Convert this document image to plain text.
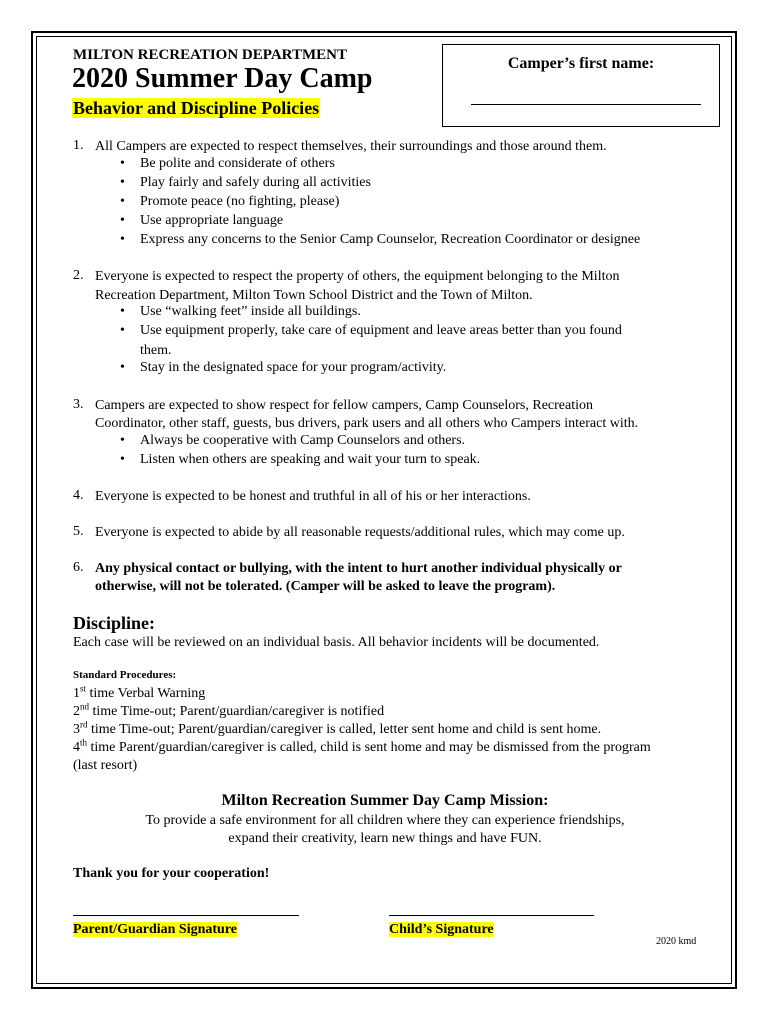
MILTON RECREATION DEPARTMENT
2020 Summer Day Camp
Behavior and Discipline Policies
Camper’s first name:
1. All Campers are expected to respect themselves, their surroundings and those around them.
• Be polite and considerate of others
• Play fairly and safely during all activities
• Promote peace (no fighting, please)
• Use appropriate language
• Express any concerns to the Senior Camp Counselor, Recreation Coordinator or designee
2. Everyone is expected to respect the property of others, the equipment belonging to the Milton
Recreation Department, Milton Town School District and the Town of Milton.
• Use “walking feet” inside all buildings.
• Use equipment properly, take care of equipment and leave areas better than you found
them.
• Stay in the designated space for your program/activity.
3. Campers are expected to show respect for fellow campers, Camp Counselors, Recreation
Coordinator, other staff, guests, bus drivers, park users and all others who Campers interact with.
• Always be cooperative with Camp Counselors and others.
• Listen when others are speaking and wait your turn to speak.
4. Everyone is expected to be honest and truthful in all of his or her interactions.
5. Everyone is expected to abide by all reasonable requests/additional rules, which may come up.
6. Any physical contact or bullying, with the intent to hurt another individual physically or
otherwise, will not be tolerated. (Camper will be asked to leave the program).
Discipline:
Each case will be reviewed on an individual basis. All behavior incidents will be documented.
Standard Procedures:
1st time Verbal Warning
2nd time Time-out; Parent/guardian/caregiver is notified
3rd time Time-out; Parent/guardian/caregiver is called, letter sent home and child is sent home.
4th time Parent/guardian/caregiver is called, child is sent home and may be dismissed from the program
(last resort)
Milton Recreation Summer Day Camp Mission:
To provide a safe environment for all children where they can experience friendships,
expand their creativity, learn new things and have FUN.
Thank you for your cooperation!
Parent/Guardian Signature	Child’s Signature
2020 kmd
